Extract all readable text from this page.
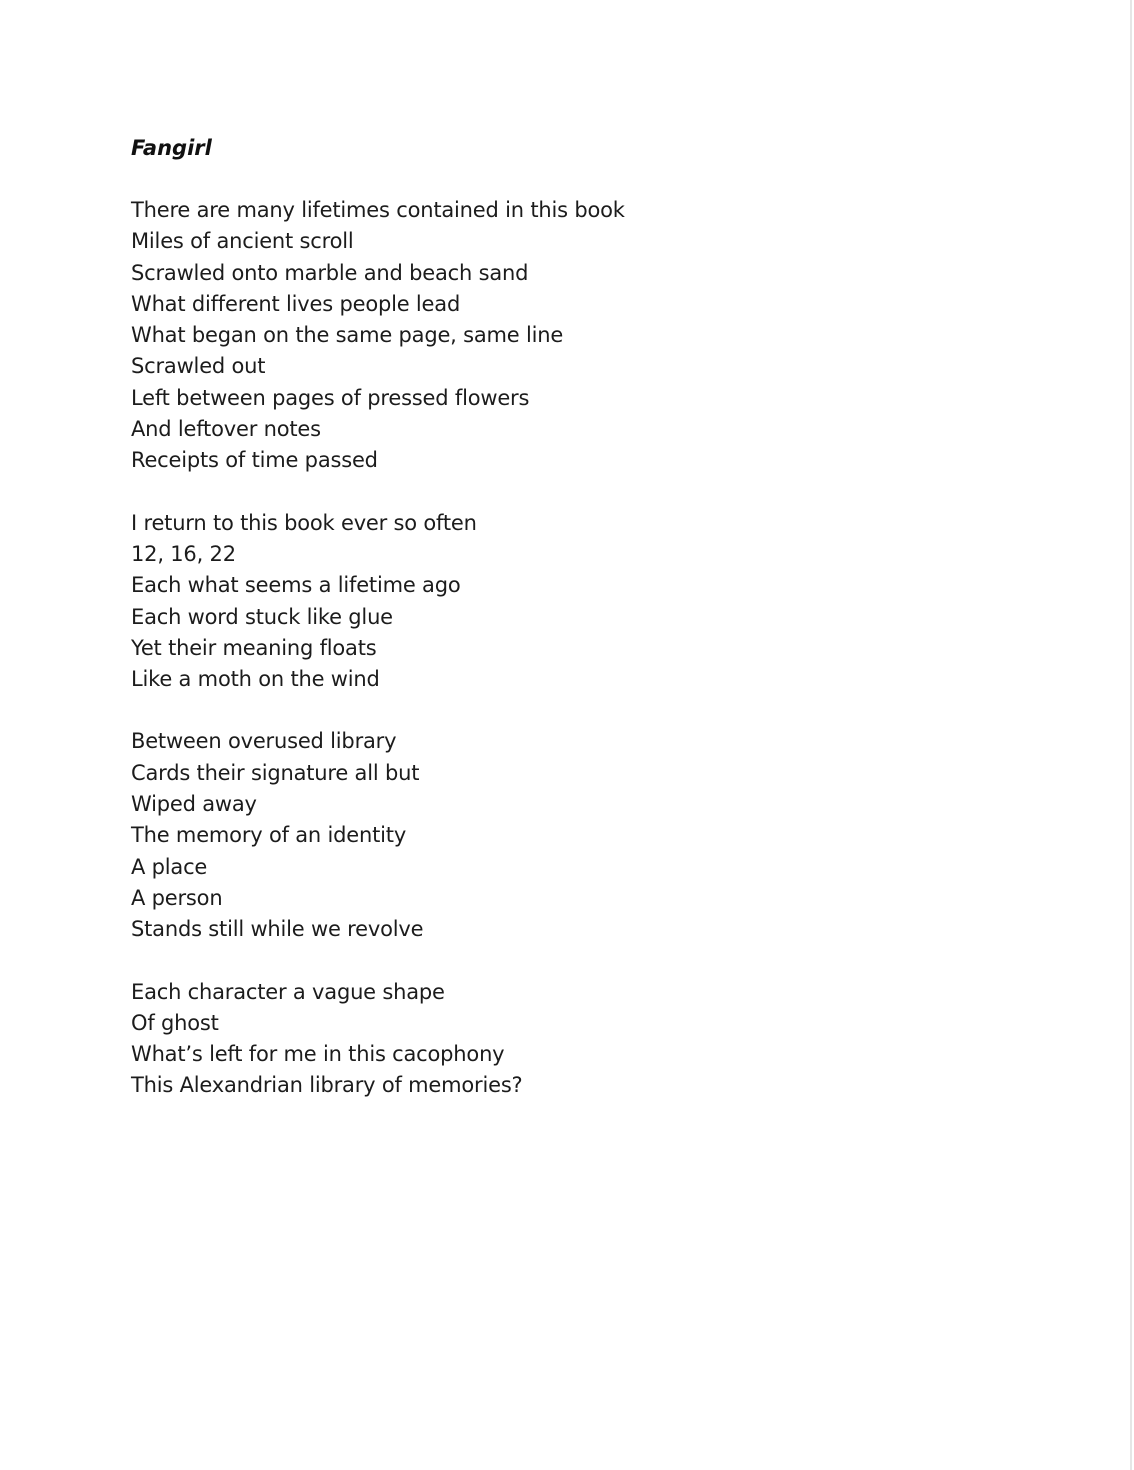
Fangirl
There are many lifetimes contained in this book
Miles of ancient scroll
Scrawled onto marble and beach sand
What different lives people lead
What began on the same page, same line
Scrawled out
Left between pages of pressed flowers
And leftover notes
Receipts of time passed
I return to this book ever so often
12, 16, 22
Each what seems a lifetime ago
Each word stuck like glue
Yet their meaning floats
Like a moth on the wind
Between overused library
Cards their signature all but
Wiped away
The memory of an identity
A place
A person
Stands still while we revolve
Each character a vague shape
Of ghost
What’s left for me in this cacophony
This Alexandrian library of memories?
